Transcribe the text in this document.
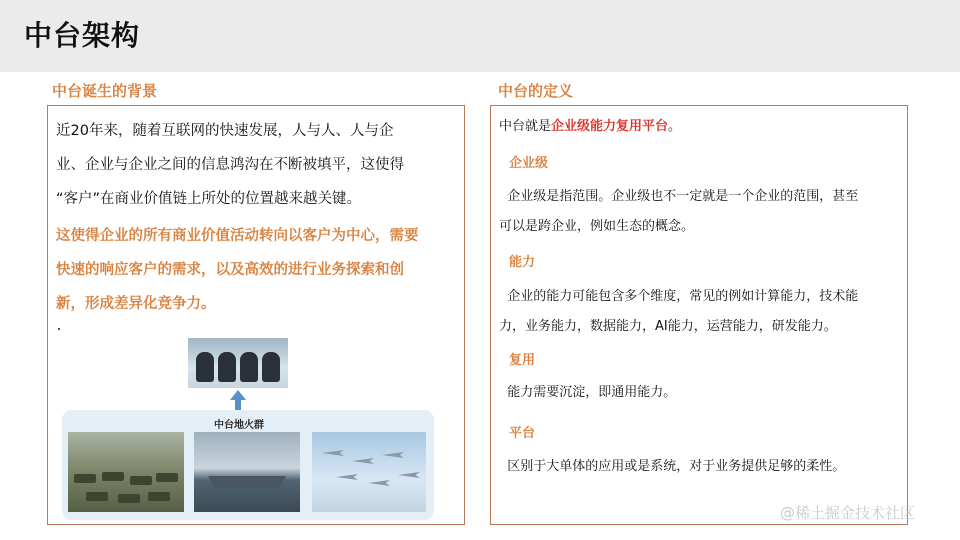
中台架构
中台诞生的背景
近20年来，随着互联网的快速发展，人与人、人与企
业、企业与企业之间的信息鸿沟在不断被填平，这使得
“客户”在商业价值链上所处的位置越来越关键。
这使得企业的所有商业价值活动转向以客户为中心，需要
快速的响应客户的需求，以及高效的进行业务探索和创
新，形成差异化竞争力。
中台地火群
中台的定义
中台就是企业级能力复用平台。
企业级
企业级是指范围。企业级也不一定就是一个企业的范围，甚至
可以是跨企业，例如生态的概念。
能力
企业的能力可能包含多个维度，常见的例如计算能力，技术能
力，业务能力，数据能力，AI能力，运营能力，研发能力。
复用
能力需要沉淀，即通用能力。
平台
区别于大单体的应用或是系统，对于业务提供足够的柔性。
@稀土掘金技术社区
